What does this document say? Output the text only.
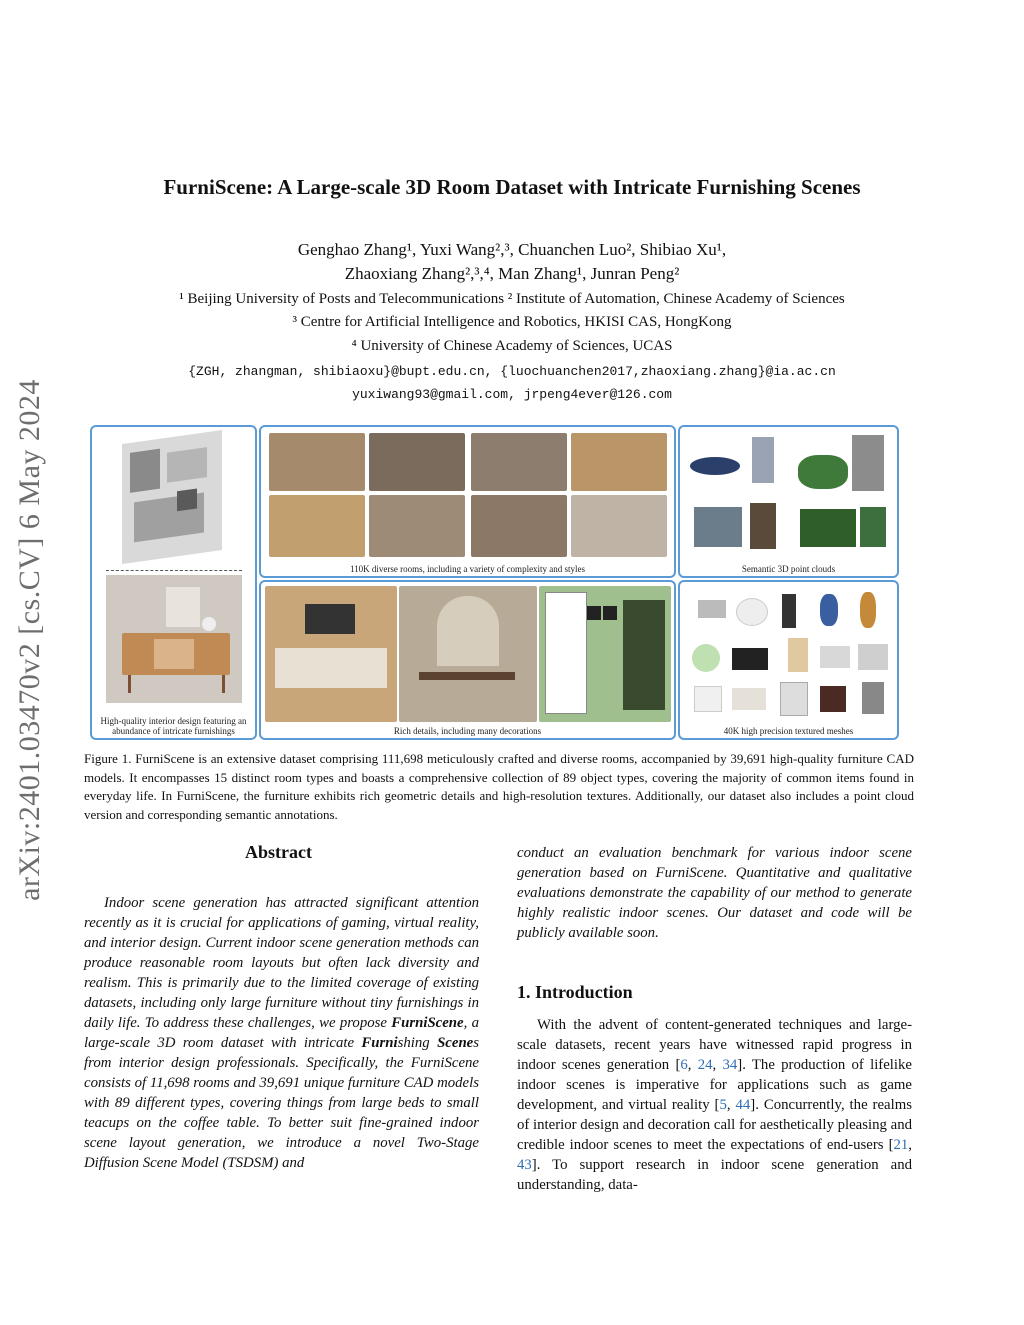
arXiv:2401.03470v2 [cs.CV] 6 May 2024
FurniScene: A Large-scale 3D Room Dataset with Intricate Furnishing Scenes
Genghao Zhang¹, Yuxi Wang²,³, Chuanchen Luo², Shibiao Xu¹,
Zhaoxiang Zhang²,³,⁴, Man Zhang¹, Junran Peng²
¹ Beijing University of Posts and Telecommunications ² Institute of Automation, Chinese Academy of Sciences
³ Centre for Artificial Intelligence and Robotics, HKISI CAS, HongKong
⁴ University of Chinese Academy of Sciences, UCAS
{ZGH, zhangman, shibiaoxu}@bupt.edu.cn, {luochuanchen2017,zhaoxiang.zhang}@ia.ac.cn
yuxiwang93@gmail.com, jrpeng4ever@126.com
High-quality interior design featuring an abundance of intricate furnishings
110K diverse rooms, including a variety of complexity and styles	Semantic 3D point clouds
Rich details, including many decorations	40K high precision textured meshes
Figure 1. FurniScene is an extensive dataset comprising 111,698 meticulously crafted and diverse rooms, accompanied by 39,691 high-quality furniture CAD models. It encompasses 15 distinct room types and boasts a comprehensive collection of 89 object types, covering the majority of common items found in everyday life. In FurniScene, the furniture exhibits rich geometric details and high-resolution textures. Additionally, our dataset also includes a point cloud version and corresponding semantic annotations.
Abstract
Indoor scene generation has attracted significant attention recently as it is crucial for applications of gaming, virtual reality, and interior design. Current indoor scene generation methods can produce reasonable room layouts but often lack diversity and realism. This is primarily due to the limited coverage of existing datasets, including only large furniture without tiny furnishings in daily life. To address these challenges, we propose FurniScene, a large-scale 3D room dataset with intricate Furnishing Scenes from interior design professionals. Specifically, the FurniScene consists of 11,698 rooms and 39,691 unique furniture CAD models with 89 different types, covering things from large beds to small teacups on the coffee table. To better suit fine-grained indoor scene layout generation, we introduce a novel Two-Stage Diffusion Scene Model (TSDSM) and
conduct an evaluation benchmark for various indoor scene generation based on FurniScene. Quantitative and qualitative evaluations demonstrate the capability of our method to generate highly realistic indoor scenes. Our dataset and code will be publicly available soon.
1. Introduction
With the advent of content-generated techniques and large-scale datasets, recent years have witnessed rapid progress in indoor scenes generation [6, 24, 34]. The production of lifelike indoor scenes is imperative for applications such as game development, and virtual reality [5, 44]. Concurrently, the realms of interior design and decoration call for aesthetically pleasing and credible indoor scenes to meet the expectations of end-users [21, 43]. To support research in indoor scene generation and understanding, data-
